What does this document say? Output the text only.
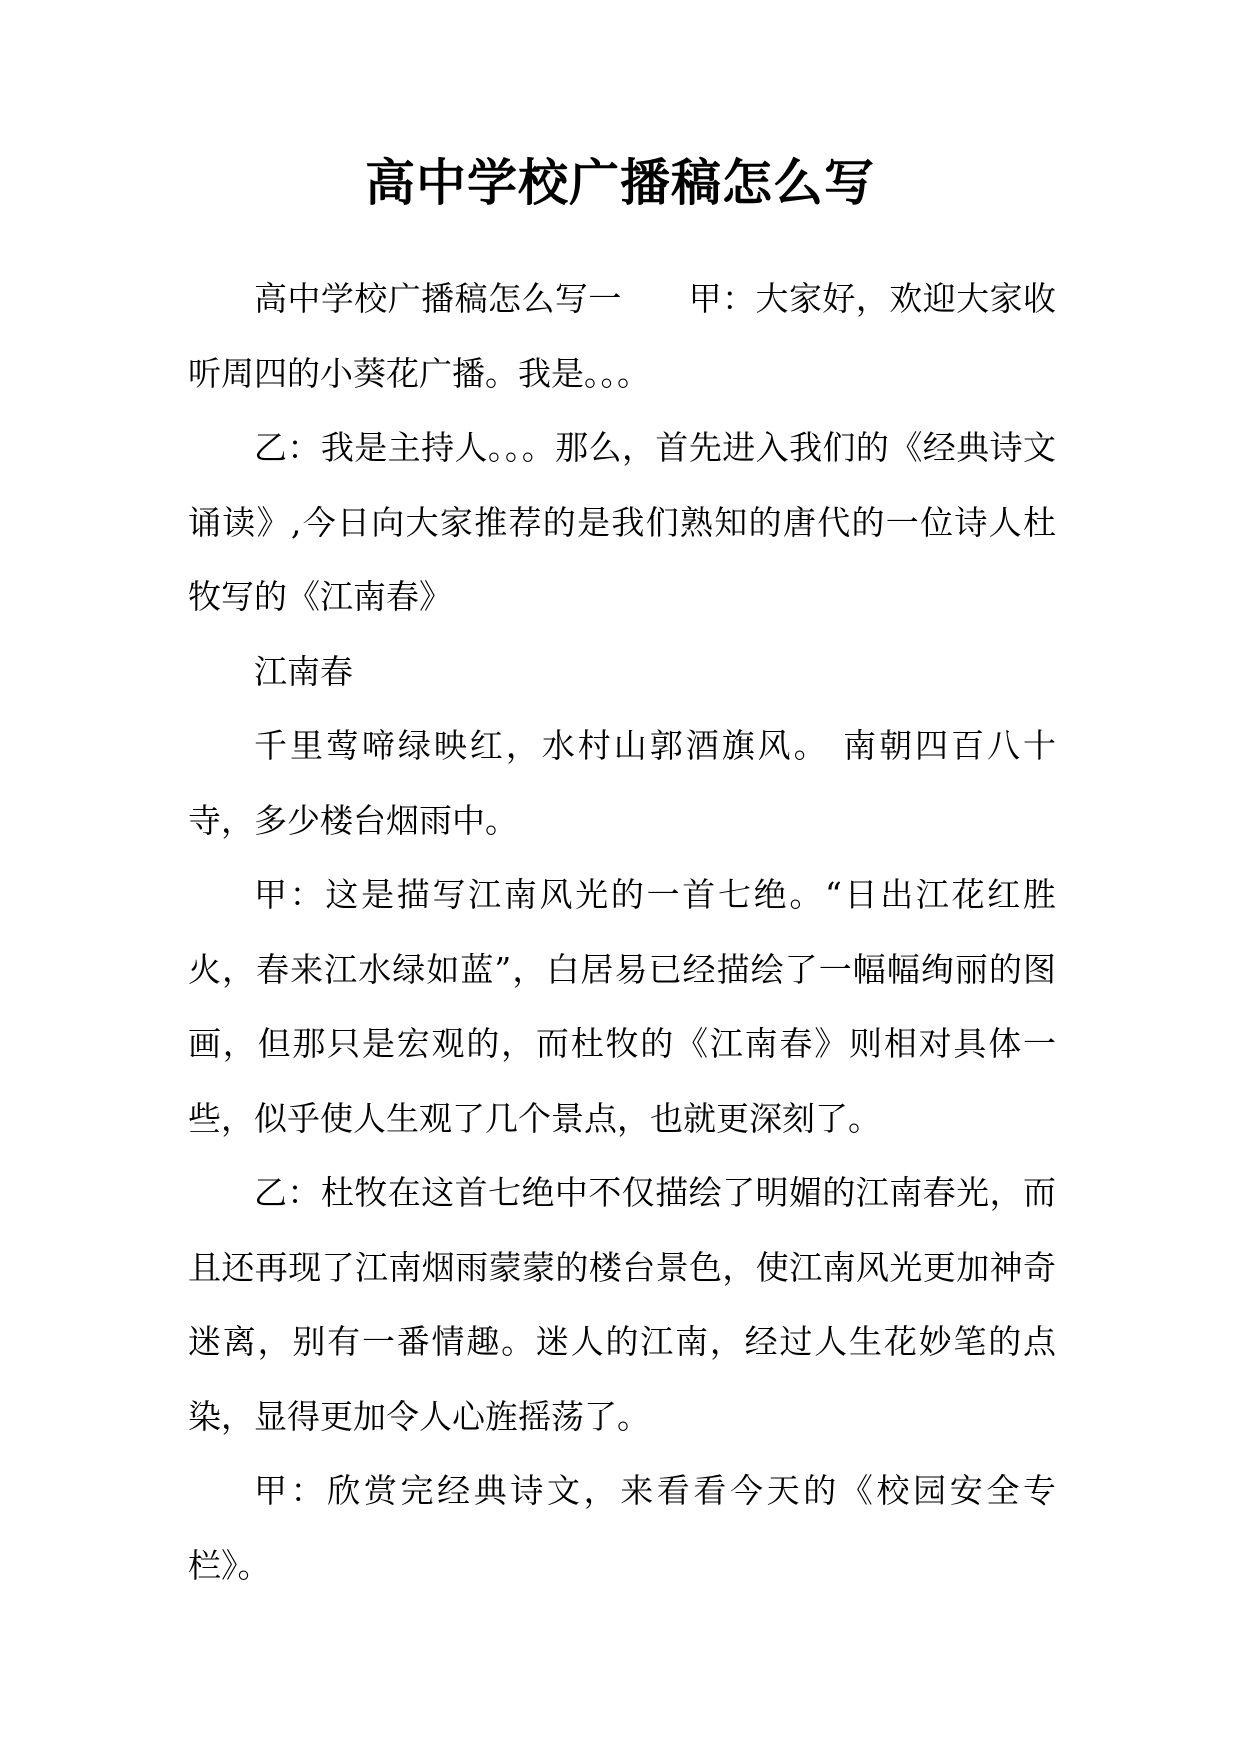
高中学校广播稿怎么写

高中学校广播稿怎么写一　　甲：大家好，欢迎大家收听周四的小葵花广播。我是。。。

乙：我是主持人。。。那么，首先进入我们的《经典诗文诵读》,今日向大家推荐的是我们熟知的唐代的一位诗人杜牧写的《江南春》

江南春

千里莺啼绿映红，水村山郭酒旗风。 南朝四百八十寺，多少楼台烟雨中。

甲：这是描写江南风光的一首七绝。“日出江花红胜火，春来江水绿如蓝”，白居易已经描绘了一幅幅绚丽的图画，但那只是宏观的，而杜牧的《江南春》则相对具体一些，似乎使人生观了几个景点，也就更深刻了。

乙：杜牧在这首七绝中不仅描绘了明媚的江南春光，而且还再现了江南烟雨蒙蒙的楼台景色，使江南风光更加神奇迷离，别有一番情趣。迷人的江南，经过人生花妙笔的点染，显得更加令人心旌摇荡了。

甲：欣赏完经典诗文，来看看今天的《校园安全专栏》。
